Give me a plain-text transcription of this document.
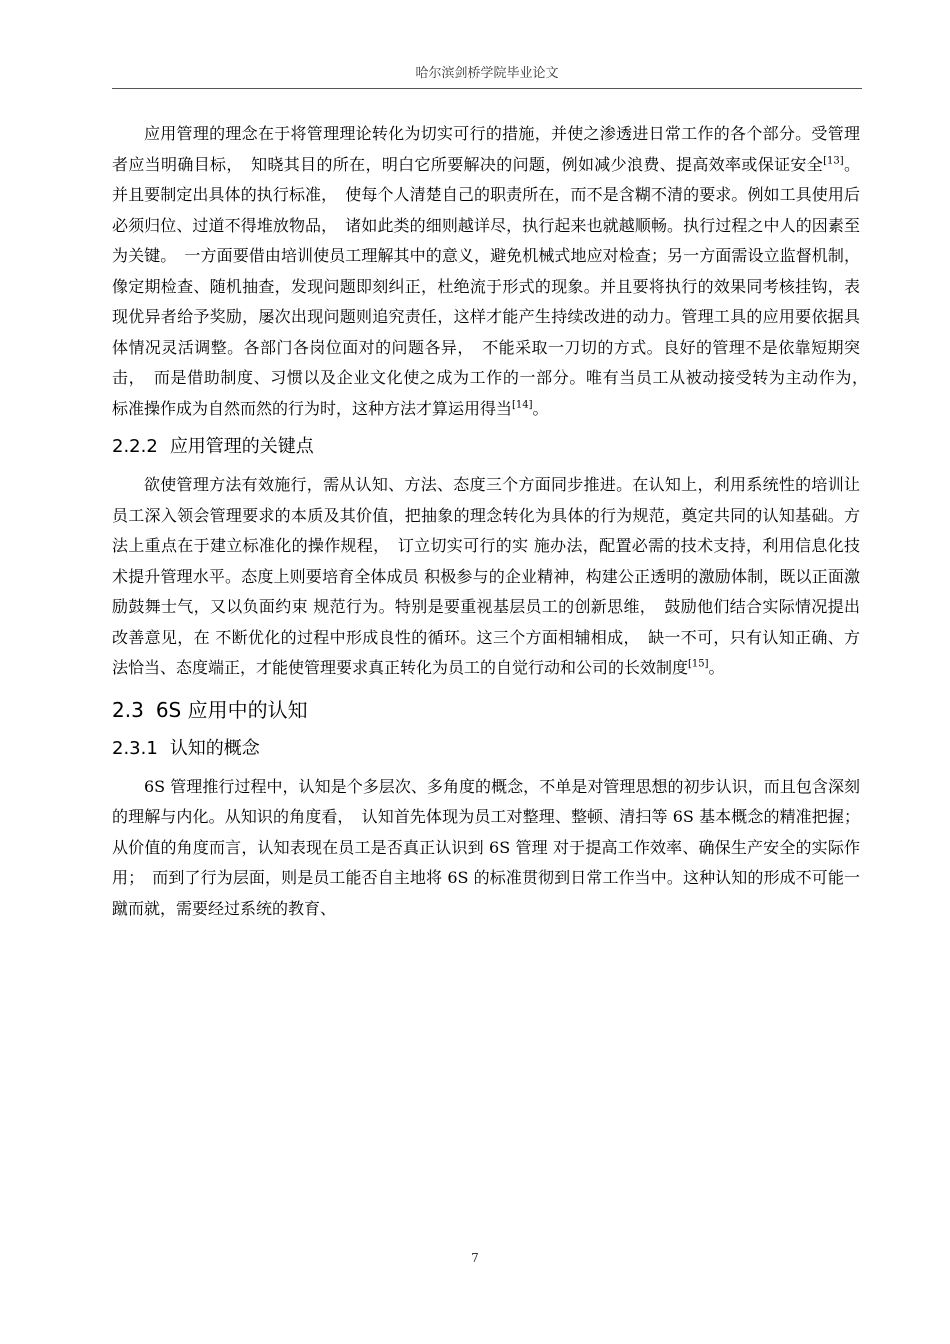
哈尔滨剑桥学院毕业论文

应用管理的理念在于将管理理论转化为切实可行的措施，并使之渗透进日常工作的各个部分。受管理者应当明确目标，　知晓其目的所在，明白它所要解决的问题，例如减少浪费、提高效率或保证安全[13]。并且要制定出具体的执行标准，　使每个人清楚自己的职责所在，而不是含糊不清的要求。例如工具使用后必须归位、过道不得堆放物品，　诸如此类的细则越详尽，执行起来也就越顺畅。执行过程之中人的因素至为关键。　一方面要借由培训使员工理解其中的意义，避免机械式地应对检查；另一方面需设立监督机制，像定期检查、随机抽查，发现问题即刻纠正，杜绝流于形式的现象。并且要将执行的效果同考核挂钩，表现优异者给予奖励，屡次出现问题则追究责任，这样才能产生持续改进的动力。管理工具的应用要依据具体情况灵活调整。各部门各岗位面对的问题各异，　不能采取一刀切的方式。良好的管理不是依靠短期突击，　而是借助制度、习惯以及企业文化使之成为工作的一部分。唯有当员工从被动接受转为主动作为，　标准操作成为自然而然的行为时，这种方法才算运用得当[14]。

2.2.2 应用管理的关键点

欲使管理方法有效施行，需从认知、方法、态度三个方面同步推进。在认知上，利用系统性的培训让员工深入领会管理要求的本质及其价值，把抽象的理念转化为具体的行为规范，奠定共同的认知基础。方法上重点在于建立标准化的操作规程，　订立切实可行的实 施办法，配置必需的技术支持，利用信息化技术提升管理水平。态度上则要培育全体成员 积极参与的企业精神，构建公正透明的激励体制，既以正面激励鼓舞士气，又以负面约束 规范行为。特别是要重视基层员工的创新思维，　鼓励他们结合实际情况提出改善意见，在 不断优化的过程中形成良性的循环。这三个方面相辅相成，　缺一不可，只有认知正确、方 法恰当、态度端正，才能使管理要求真正转化为员工的自觉行动和公司的长效制度[15]。

2.3 6S 应用中的认知
2.3.1 认知的概念

6S 管理推行过程中，认知是个多层次、多角度的概念，不单是对管理思想的初步认识，而且包含深刻的理解与内化。从知识的角度看，　认知首先体现为员工对整理、整顿、清扫等 6S 基本概念的精准把握；从价值的角度而言，认知表现在员工是否真正认识到 6S 管理 对于提高工作效率、确保生产安全的实际作用；　而到了行为层面，则是员工能否自主地将 6S 的标准贯彻到日常工作当中。这种认知的形成不可能一蹴而就，需要经过系统的教育、

7
